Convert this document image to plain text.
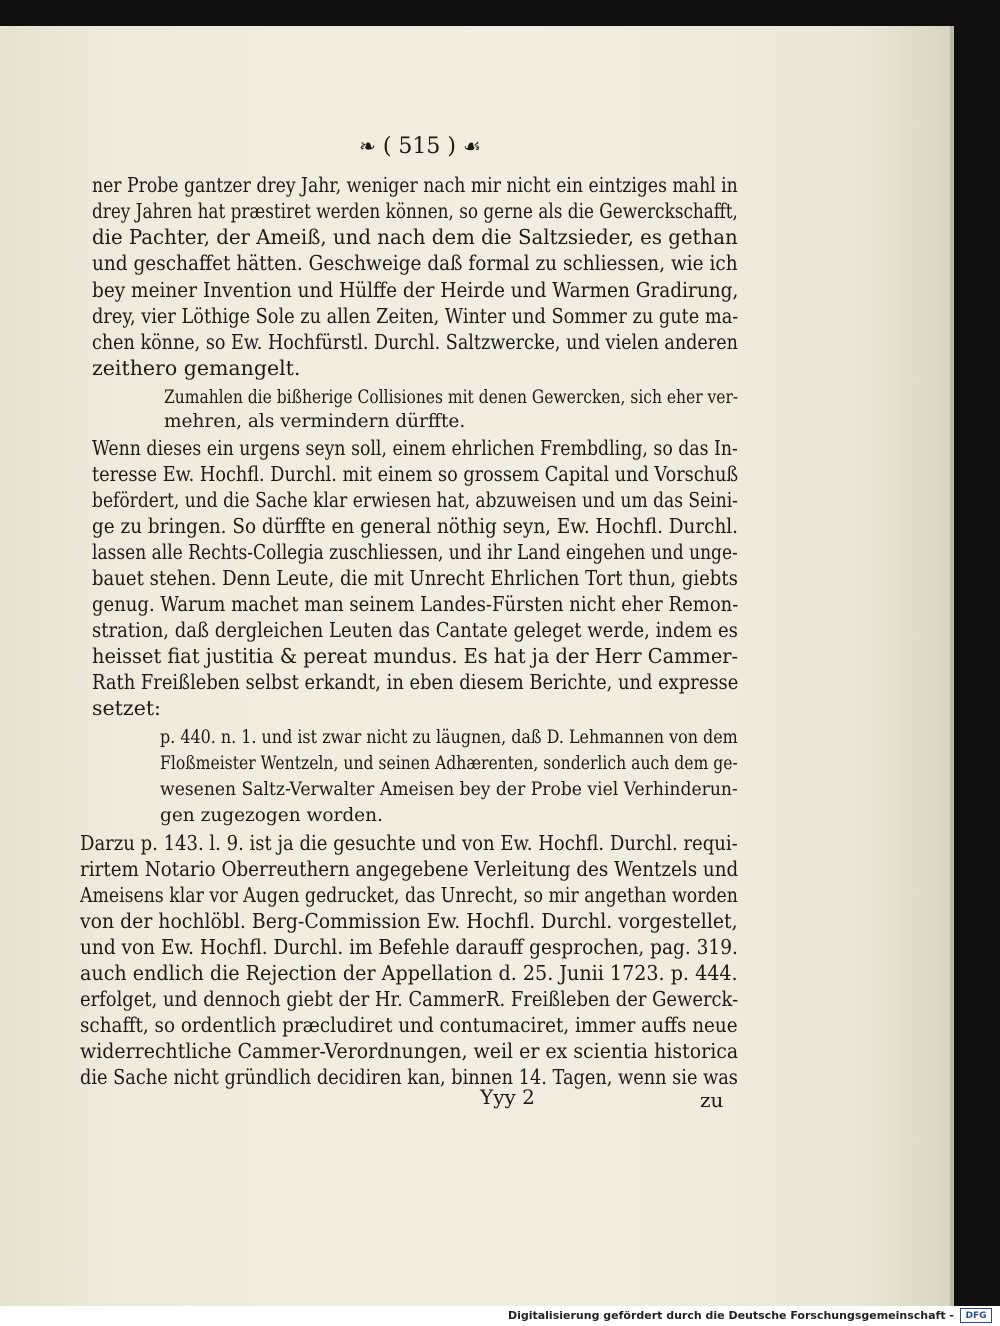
❧ ( 515 ) ☙
ner Probe gantzer drey Jahr, weniger nach mir nicht ein eintziges mahl in
drey Jahren hat præstiret werden können, so gerne als die Gewerckschafft,
die Pachter, der Ameiß, und nach dem die Saltzsieder, es gethan
und geschaffet hätten. Geschweige daß formal zu schliessen, wie ich
bey meiner Invention und Hülffe der Heirde und Warmen Gradirung,
drey, vier Löthige Sole zu allen Zeiten, Winter und Sommer zu gute ma-
chen könne, so Ew. Hochfürstl. Durchl. Saltzwercke, und vielen anderen
zeithero gemangelt.
Zumahlen die bißherige Collisiones mit denen Gewercken, sich eher ver-
mehren, als vermindern dürffte.
Wenn dieses ein urgens seyn soll, einem ehrlichen Frembdling, so das In-
teresse Ew. Hochfl. Durchl. mit einem so grossem Capital und Vorschuß
befördert, und die Sache klar erwiesen hat, abzuweisen und um das Seini-
ge zu bringen. So dürffte en general nöthig seyn, Ew. Hochfl. Durchl.
lassen alle Rechts-Collegia zuschliessen, und ihr Land eingehen und unge-
bauet stehen. Denn Leute, die mit Unrecht Ehrlichen Tort thun, giebts
genug. Warum machet man seinem Landes-Fürsten nicht eher Remon-
stration, daß dergleichen Leuten das Cantate geleget werde, indem es
heisset fiat justitia & pereat mundus. Es hat ja der Herr Cammer-
Rath Freißleben selbst erkandt, in eben diesem Berichte, und expresse
setzet:
p. 440. n. 1. und ist zwar nicht zu läugnen, daß D. Lehmannen von dem
Floßmeister Wentzeln, und seinen Adhærenten, sonderlich auch dem ge-
wesenen Saltz-Verwalter Ameisen bey der Probe viel Verhinderun-
gen zugezogen worden.
Darzu p. 143. l. 9. ist ja die gesuchte und von Ew. Hochfl. Durchl. requi-
rirtem Notario Oberreuthern angegebene Verleitung des Wentzels und
Ameisens klar vor Augen gedrucket, das Unrecht, so mir angethan worden
von der hochlöbl. Berg-Commission Ew. Hochfl. Durchl. vorgestellet,
und von Ew. Hochfl. Durchl. im Befehle darauff gesprochen, pag. 319.
auch endlich die Rejection der Appellation d. 25. Junii 1723. p. 444.
erfolget, und dennoch giebt der Hr. CammerR. Freißleben der Gewerck-
schafft, so ordentlich præcludiret und contumaciret, immer auffs neue
widerrechtliche Cammer-Verordnungen, weil er ex scientia historica
die Sache nicht gründlich decidiren kan, binnen 14. Tagen, wenn sie was
Yyy 2	zu
Digitalisierung gefördert durch die Deutsche Forschungsgemeinschaft -	DFG
